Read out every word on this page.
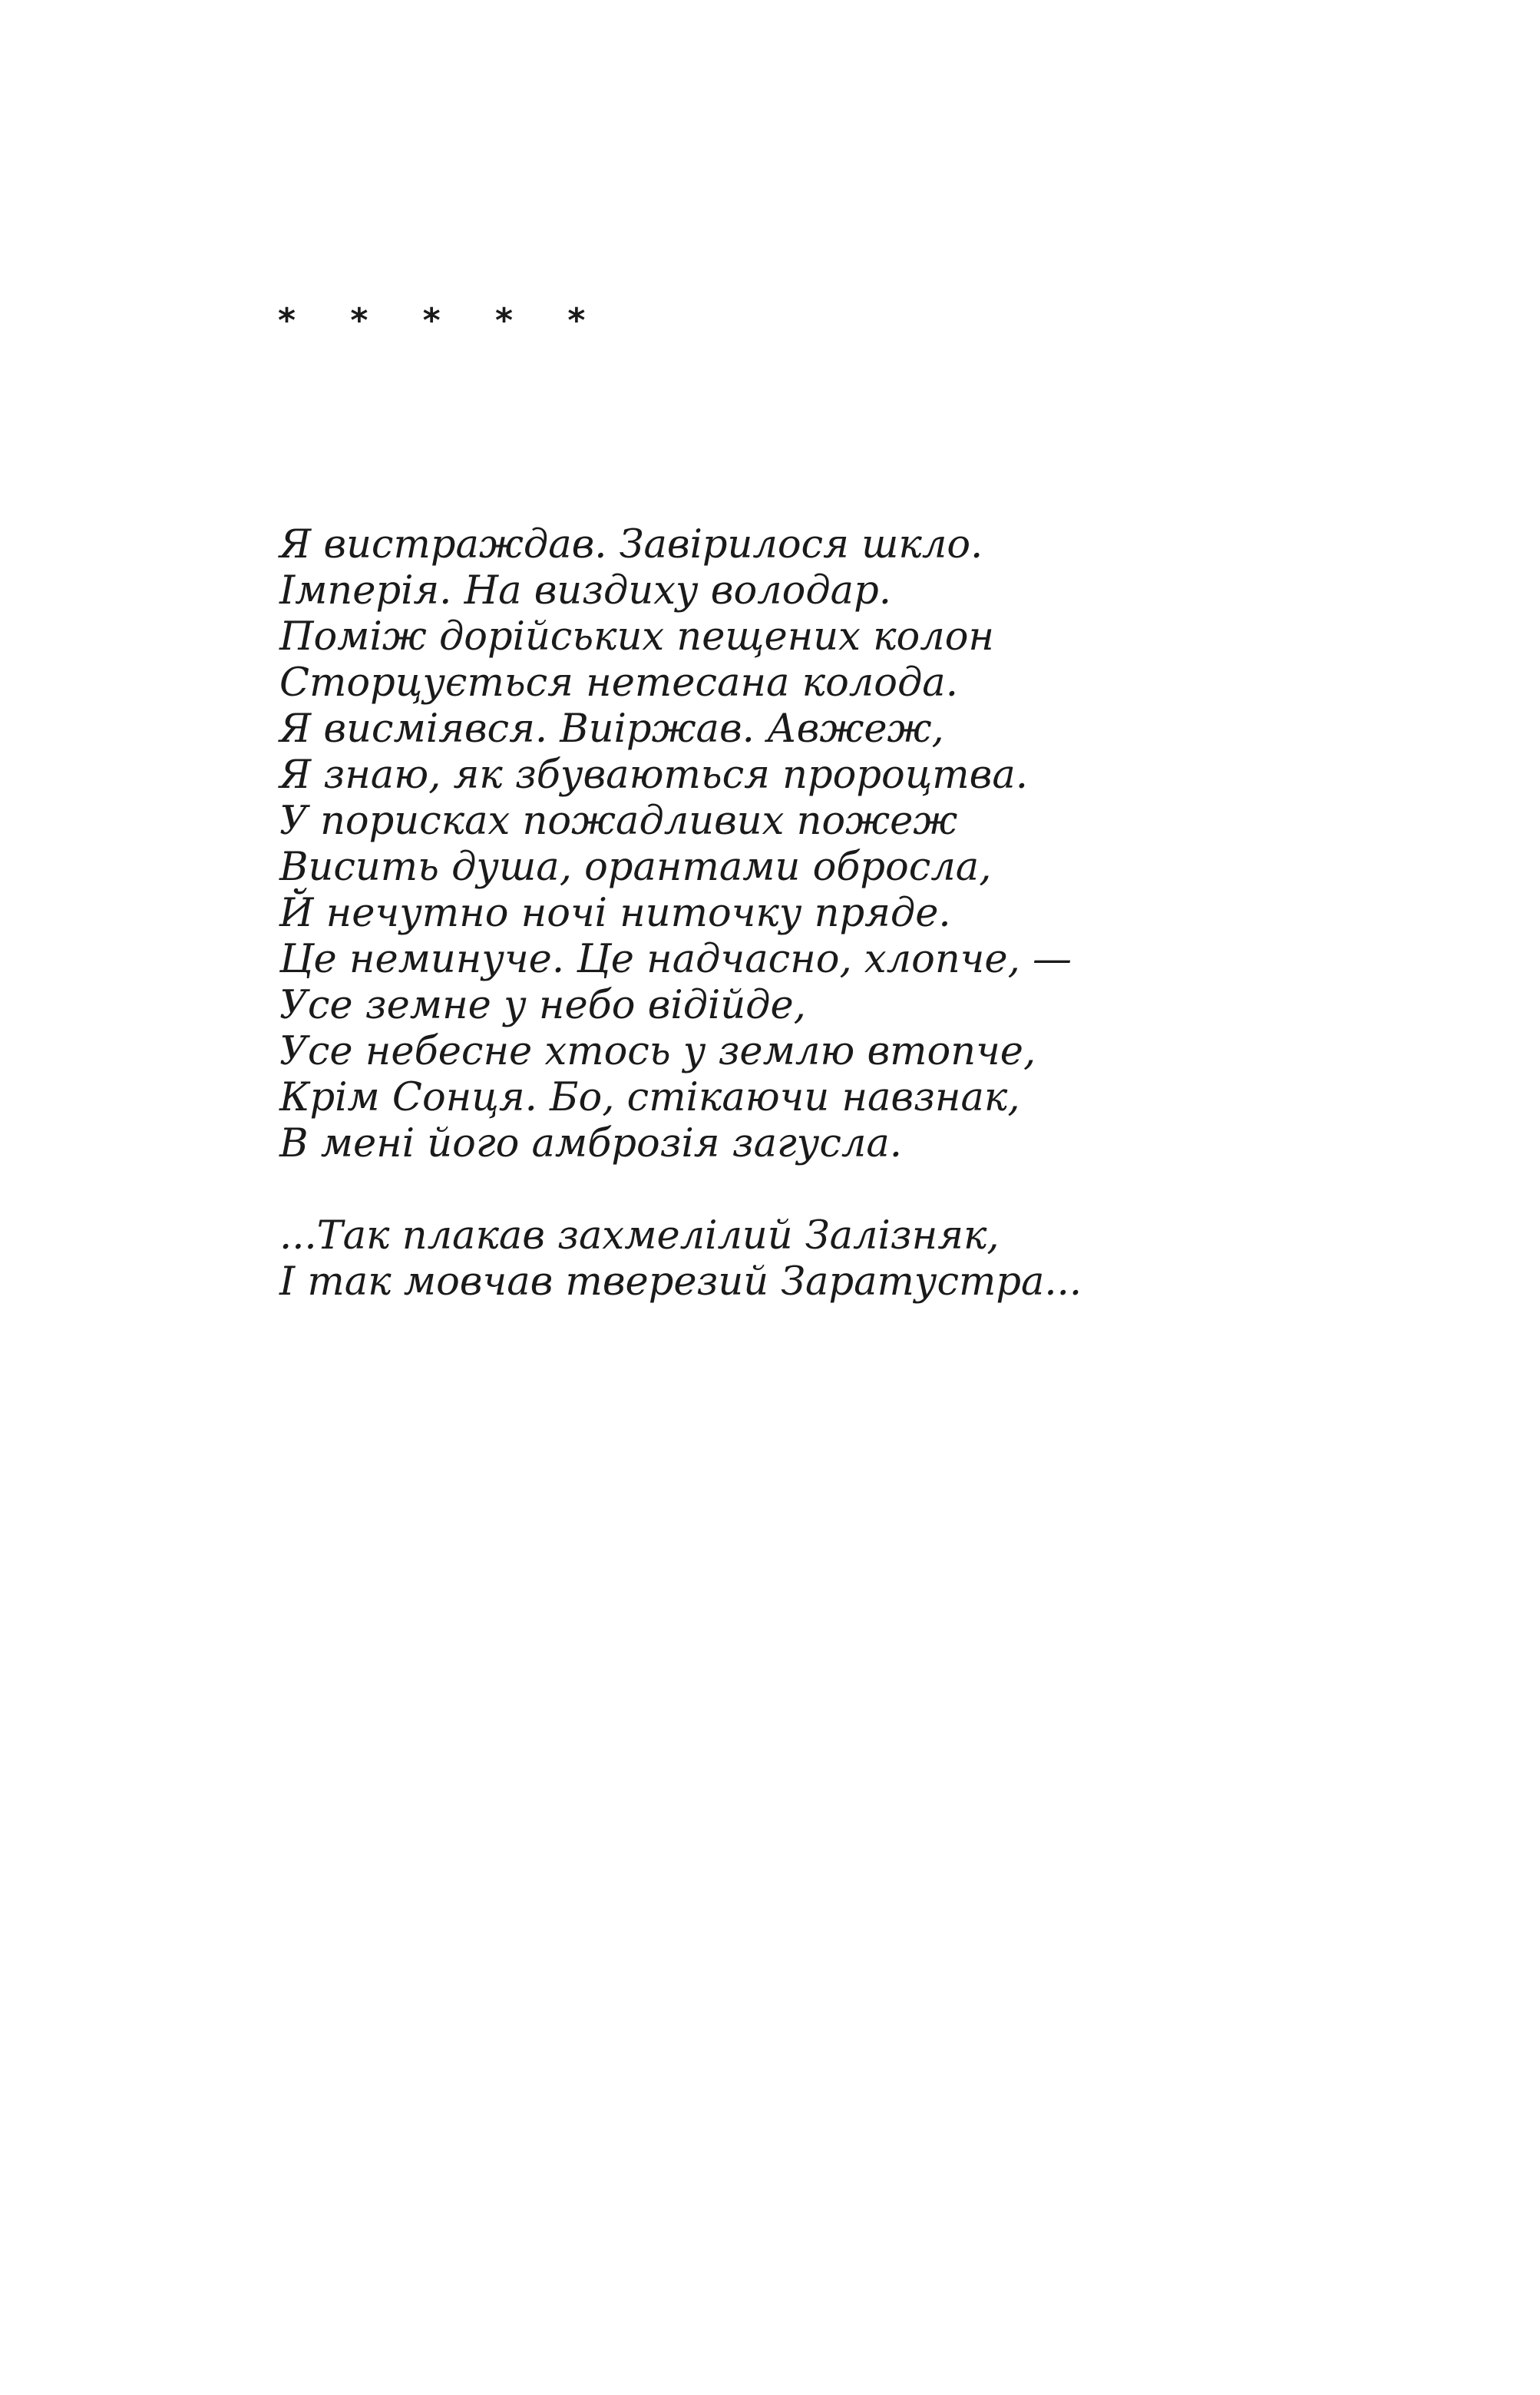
* * * * *
Я вистраждав. Завірилося шкло.
Імперія. На виздиху володар.
Поміж дорійських пещених колон
Сторцується нетесана колода.
Я висміявся. Виіржав. Авжеж,
Я знаю, як збуваються пророцтва.
У порисках пожадливих пожеж
Висить душа, орантами обросла,
Й нечутно ночі ниточку пряде.
Це неминуче. Це надчасно, хлопче, —
Усе земне у небо відійде,
Усе небесне хтось у землю втопче,
Крім Сонця. Бо, стікаючи навзнак,
В мені його амброзія загусла.
...Так плакав захмелілий Залізняк,
І так мовчав тверезий Заратустра...
